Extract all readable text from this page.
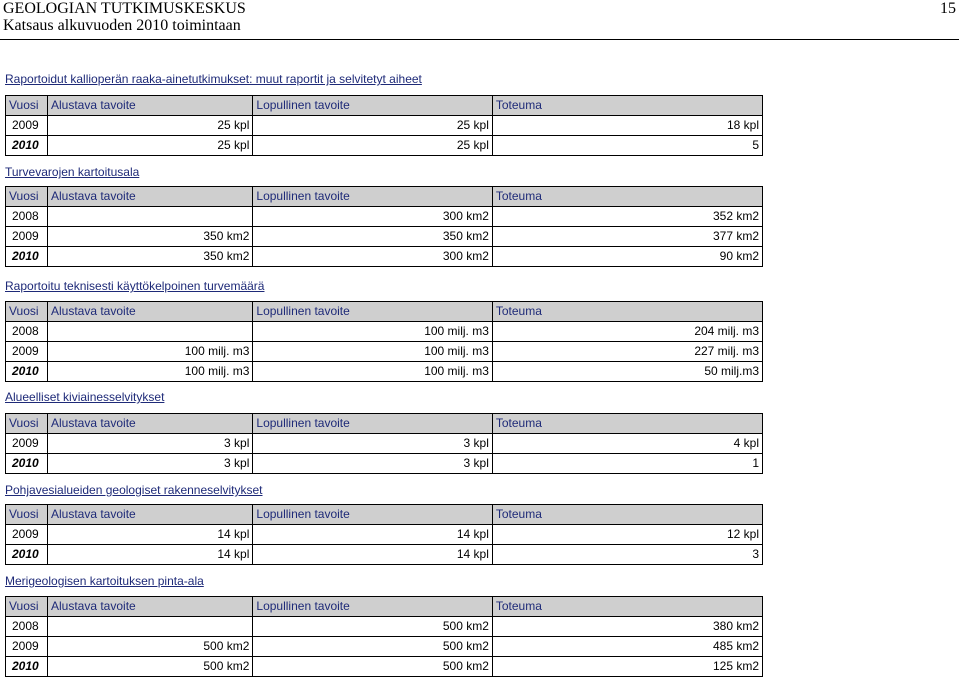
GEOLOGIAN TUTKIMUSKESKUS
Katsaus alkuvuoden 2010 toimintaan
15
Raportoidut kallioperän raaka-ainetutkimukset: muut raportit ja selvitetyt aiheet
Vuosi	Alustava tavoite	Lopullinen tavoite	Toteuma
2009	25 kpl	25 kpl	18 kpl
2010	25 kpl	25 kpl	5
Turvevarojen kartoitusala
Vuosi	Alustava tavoite	Lopullinen tavoite	Toteuma
2008		300 km2	352 km2
2009	350 km2	350 km2	377 km2
2010	350 km2	300 km2	90 km2
Raportoitu teknisesti käyttökelpoinen turvemäärä
Vuosi	Alustava tavoite	Lopullinen tavoite	Toteuma
2008		100 milj. m3	204 milj. m3
2009	100 milj. m3	100 milj. m3	227 milj. m3
2010	100 milj. m3	100 milj. m3	50 milj.m3
Alueelliset kiviainesselvitykset
Vuosi	Alustava tavoite	Lopullinen tavoite	Toteuma
2009	3 kpl	3 kpl	4 kpl
2010	3 kpl	3 kpl	1
Pohjavesialueiden geologiset rakenneselvitykset
Vuosi	Alustava tavoite	Lopullinen tavoite	Toteuma
2009	14 kpl	14 kpl	12 kpl
2010	14 kpl	14 kpl	3
Merigeologisen kartoituksen pinta-ala
Vuosi	Alustava tavoite	Lopullinen tavoite	Toteuma
2008		500 km2	380 km2
2009	500 km2	500 km2	485 km2
2010	500 km2	500 km2	125 km2
